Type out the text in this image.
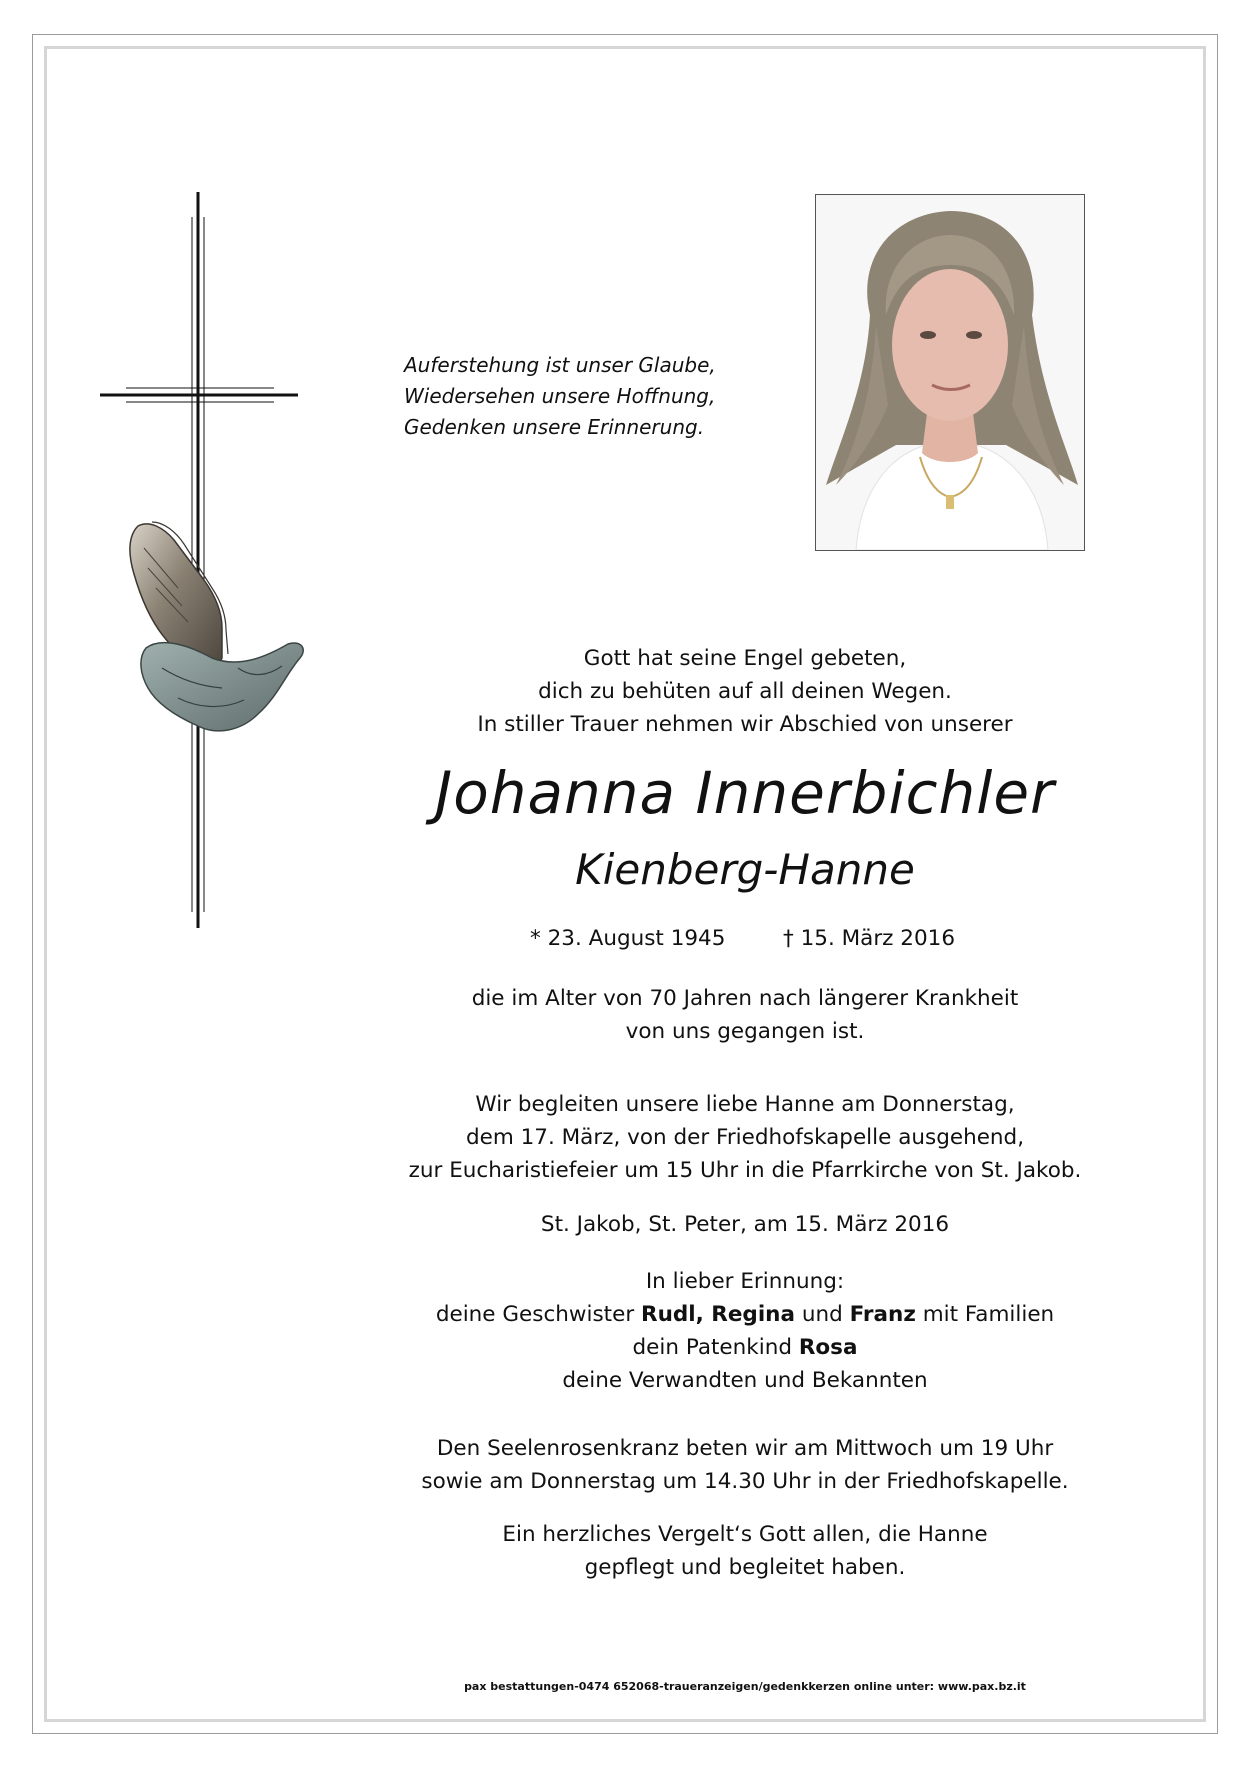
Auferstehung ist unser Glaube,
Wiedersehen unsere Hoffnung,
Gedenken unsere Erinnerung.
Gott hat seine Engel gebeten,
dich zu behüten auf all deinen Wegen.
In stiller Trauer nehmen wir Abschied von unserer
Johanna Innerbichler
Kienberg-Hanne
* 23. August 1945	† 15. März 2016
die im Alter von 70 Jahren nach längerer Krankheit
von uns gegangen ist.
Wir begleiten unsere liebe Hanne am Donnerstag,
dem 17. März, von der Friedhofskapelle ausgehend,
zur Eucharistiefeier um 15 Uhr in die Pfarrkirche von St. Jakob.
St. Jakob, St. Peter, am 15. März 2016
In lieber Erinnung:
deine Geschwister Rudl, Regina und Franz mit Familien
dein Patenkind Rosa
deine Verwandten und Bekannten
Den Seelenrosenkranz beten wir am Mittwoch um 19 Uhr
sowie am Donnerstag um 14.30 Uhr in der Friedhofskapelle.
Ein herzliches Vergelt‘s Gott allen, die Hanne
gepflegt und begleitet haben.
pax bestattungen-0474 652068-traueranzeigen/gedenkkerzen online unter: www.pax.bz.it
